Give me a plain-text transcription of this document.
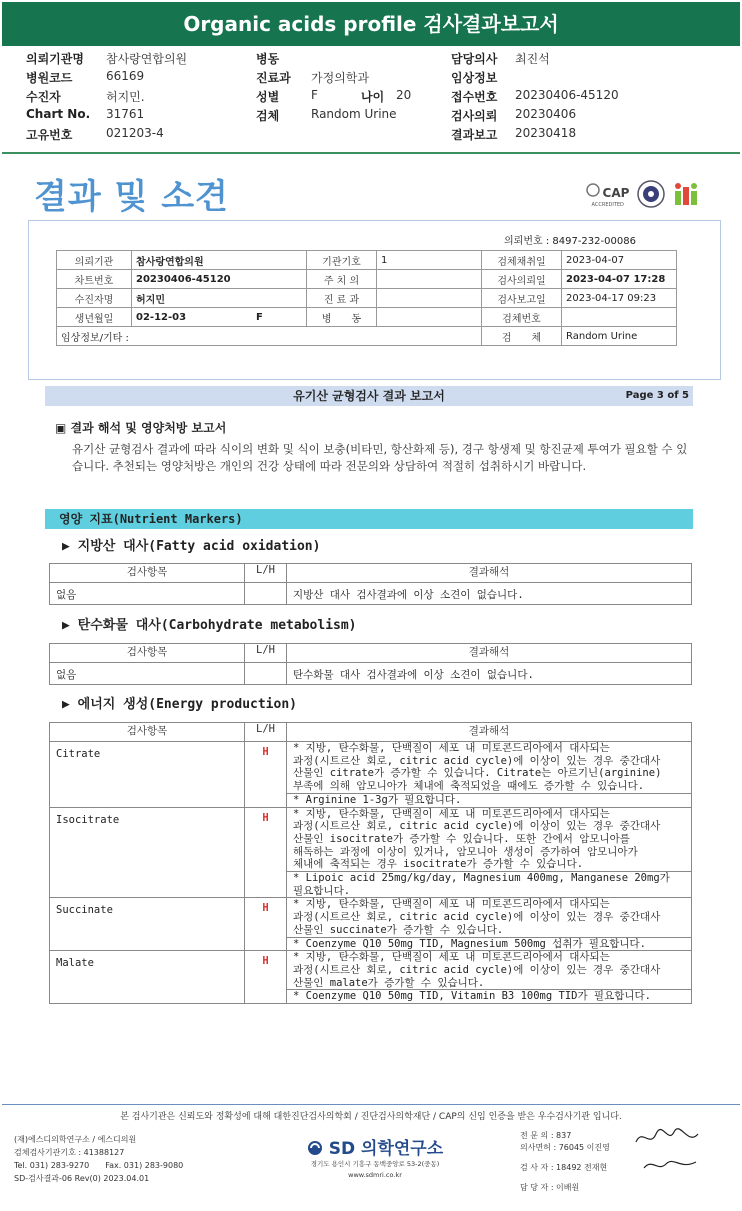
Organic acids profile 검사결과보고서
의뢰기관명	참사랑연합의원	병동	담당의사	최진석
병원코드	66169	진료과	가정의학과	임상정보
수진자	허지민.	성별	F	나이 20	접수번호	20230406-45120
Chart No.	31761	검체	Random Urine	검사의뢰	20230406
고유번호	021203-4	결과보고	20230418
결과 및 소견	CAP
ACCREDITED
의뢰번호 : 8497-232-00086
의뢰기관	참사랑연합의원	기관기호	1	검체채취일	2023-04-07
차트번호	20230406-45120	주 치 의		검사의뢰일	2023-04-07 17:28
수진자명	허지민	진 료 과		검사보고일	2023-04-17 09:23
생년월일	02-12-03 F	병　　동		검체번호	
임상정보/기타 :				검　　체	Random Urine
유기산 균형검사 결과 보고서	Page 3 of 5
▣ 결과 해석 및 영양처방 보고서
유기산 균형검사 결과에 따라 식이의 변화 및 식이 보충(비타민, 항산화제 등), 경구 항생제 및 항진균제 투여가 필요할 수 있습니다. 추천되는 영양처방은 개인의 건강 상태에 따라 전문의와 상담하여 적절히 섭취하시기 바랍니다.
영양 지표(Nutrient Markers)
▶ 지방산 대사(Fatty acid oxidation)
검사항목	L/H	결과해석
없음		지방산 대사 검사결과에 이상 소견이 없습니다.
▶ 탄수화물 대사(Carbohydrate metabolism)
검사항목	L/H	결과해석
없음		탄수화물 대사 검사결과에 이상 소견이 없습니다.
▶ 에너지 생성(Energy production)
검사항목	L/H	결과해석
Citrate	H	* 지방, 탄수화물, 단백질이 세포 내 미토콘드리아에서 대사되는
과정(시트르산 회로, citric acid cycle)에 이상이 있는 경우 중간대사
산물인 citrate가 증가할 수 있습니다. Citrate는 아르기닌(arginine)
부족에 의해 암모니아가 체내에 축적되었을 때에도 증가할 수 있습니다.
		* Arginine 1-3g가 필요합니다.
Isocitrate	H	* 지방, 탄수화물, 단백질이 세포 내 미토콘드리아에서 대사되는
과정(시트르산 회로, citric acid cycle)에 이상이 있는 경우 중간대사
산물인 isocitrate가 증가할 수 있습니다. 또한 간에서 암모니아를
해독하는 과정에 이상이 있거나, 암모니아 생성이 증가하여 암모니아가
체내에 축적되는 경우 isocitrate가 증가할 수 있습니다.
		* Lipoic acid 25mg/kg/day, Magnesium 400mg, Manganese 20mg가
필요합니다.
Succinate	H	* 지방, 탄수화물, 단백질이 세포 내 미토콘드리아에서 대사되는
과정(시트르산 회로, citric acid cycle)에 이상이 있는 경우 중간대사
산물인 succinate가 증가할 수 있습니다.
		* Coenzyme Q10 50mg TID, Magnesium 500mg 섭취가 필요합니다.
Malate	H	* 지방, 탄수화물, 단백질이 세포 내 미토콘드리아에서 대사되는
과정(시트르산 회로, citric acid cycle)에 이상이 있는 경우 중간대사
산물인 malate가 증가할 수 있습니다.
		* Coenzyme Q10 50mg TID, Vitamin B3 100mg TID가 필요합니다.
본 검사기관은 신뢰도와 정확성에 대해 대한진단검사의학회 / 진단검사의학재단 / CAP의 신임 인증을 받은 우수검사기관 입니다.
(재)에스디의학연구소 / 에스디의원
검체검사기관기호 : 41388127
Tel. 031) 283-9270　　Fax. 031) 283-9080
SD-검사결과-06 Rev(0) 2023.04.01
SD 의학연구소
경기도 용인시 기흥구 동백중앙로 53-2(중동)
www.sdmri.co.kr
전 문 의 : 837
의사면허 : 76045 이진영
검 사 자 : 18492 전재현
담 당 자 : 이배원
